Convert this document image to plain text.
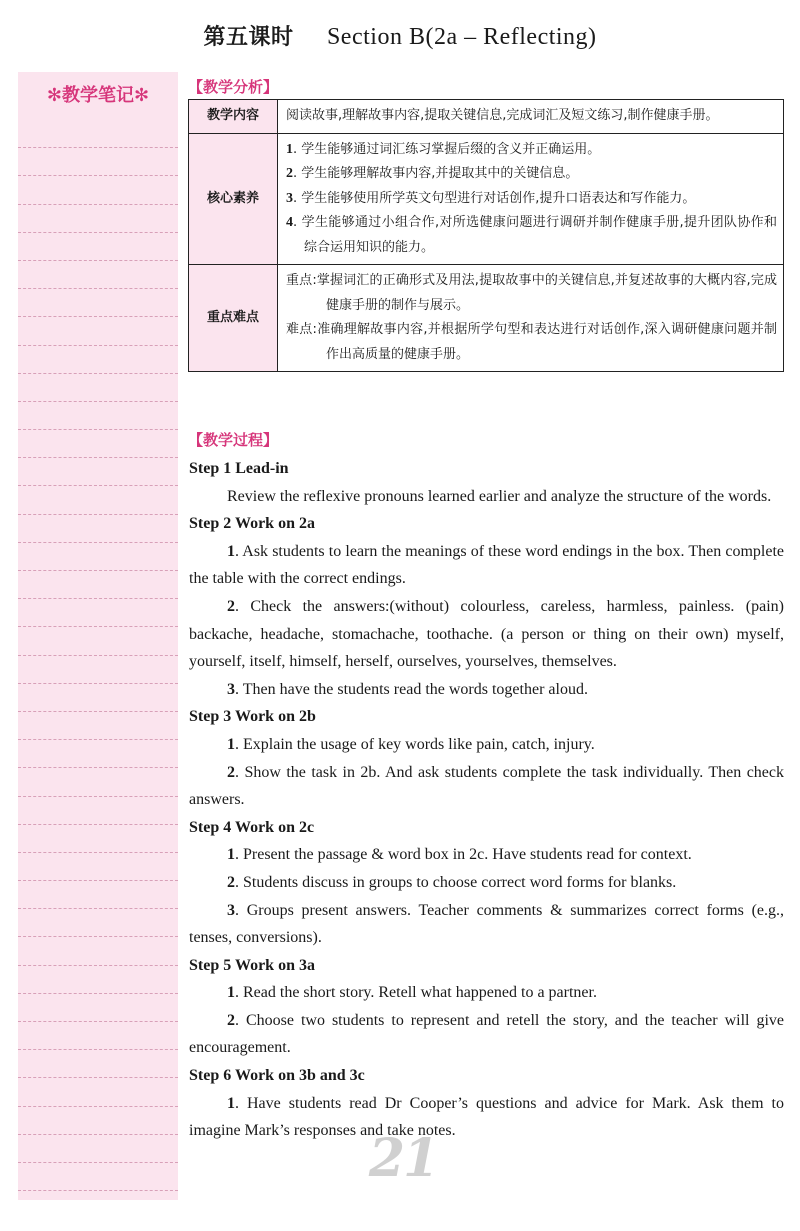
第五课时 Section B(2a – Reflecting)
✻教学笔记✻	【教学分析】
教学内容	阅读故事,理解故事内容,提取关键信息,完成词汇及短文练习,制作健康手册。

核心素养	1. 学生能够通过词汇练习掌握后缀的含义并正确运用。
2. 学生能够理解故事内容,并提取其中的关键信息。
3. 学生能够使用所学英文句型进行对话创作,提升口语表达和写作能力。
4. 学生能够通过小组合作,对所选健康问题进行调研并制作健康手册,提升团队协作和综合运用知识的能力。

重点难点	重点:掌握词汇的正确形式及用法,提取故事中的关键信息,并复述故事的大概内容,完成健康手册的制作与展示。
难点:准确理解故事内容,并根据所学句型和表达进行对话创作,深入调研健康问题并制作出高质量的健康手册。
【教学过程】
Step 1 Lead-in
Review the reflexive pronouns learned earlier and analyze the structure of the words.
Step 2 Work on 2a
1. Ask students to learn the meanings of these word endings in the box. Then complete the table with the correct endings.
2. Check the answers:(without) colourless, careless, harmless, painless. (pain) backache, headache, stomachache, toothache. (a person or thing on their own) myself, yourself, itself, himself, herself, ourselves, yourselves, themselves.
3. Then have the students read the words together aloud.
Step 3 Work on 2b
1. Explain the usage of key words like pain, catch, injury.
2. Show the task in 2b. And ask students complete the task individually. Then check answers.
Step 4 Work on 2c
1. Present the passage & word box in 2c. Have students read for context.
2. Students discuss in groups to choose correct word forms for blanks.
3. Groups present answers. Teacher comments & summarizes correct forms (e.g., tenses, conversions).
Step 5 Work on 3a
1. Read the short story. Retell what happened to a partner.
2. Choose two students to represent and retell the story, and the teacher will give encouragement.
Step 6 Work on 3b and 3c
1. Have students read Dr Cooper’s questions and advice for Mark. Ask them to imagine Mark’s responses and take notes.
21
